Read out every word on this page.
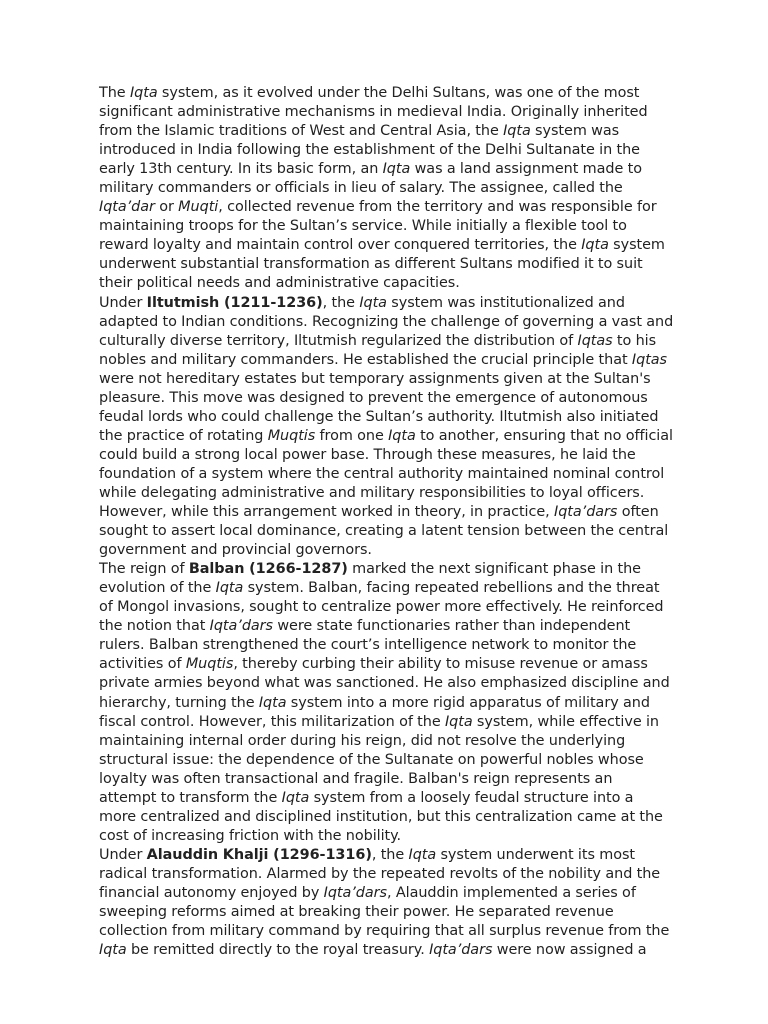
The Iqta system, as it evolved under the Delhi Sultans, was one of the most significant administrative mechanisms in medieval India. Originally inherited from the Islamic traditions of West and Central Asia, the Iqta system was introduced in India following the establishment of the Delhi Sultanate in the early 13th century. In its basic form, an Iqta was a land assignment made to military commanders or officials in lieu of salary. The assignee, called the Iqta’dar or Muqti, collected revenue from the territory and was responsible for maintaining troops for the Sultan’s service. While initially a flexible tool to reward loyalty and maintain control over conquered territories, the Iqta system underwent substantial transformation as different Sultans modified it to suit their political needs and administrative capacities.

Under Iltutmish (1211-1236), the Iqta system was institutionalized and adapted to Indian conditions. Recognizing the challenge of governing a vast and culturally diverse territory, Iltutmish regularized the distribution of Iqtas to his nobles and military commanders. He established the crucial principle that Iqtas were not hereditary estates but temporary assignments given at the Sultan's pleasure. This move was designed to prevent the emergence of autonomous feudal lords who could challenge the Sultan’s authority. Iltutmish also initiated the practice of rotating Muqtis from one Iqta to another, ensuring that no official could build a strong local power base. Through these measures, he laid the foundation of a system where the central authority maintained nominal control while delegating administrative and military responsibilities to loyal officers. However, while this arrangement worked in theory, in practice, Iqta’dars often sought to assert local dominance, creating a latent tension between the central government and provincial governors.

The reign of Balban (1266-1287) marked the next significant phase in the evolution of the Iqta system. Balban, facing repeated rebellions and the threat of Mongol invasions, sought to centralize power more effectively. He reinforced the notion that Iqta’dars were state functionaries rather than independent rulers. Balban strengthened the court’s intelligence network to monitor the activities of Muqtis, thereby curbing their ability to misuse revenue or amass private armies beyond what was sanctioned. He also emphasized discipline and hierarchy, turning the Iqta system into a more rigid apparatus of military and fiscal control. However, this militarization of the Iqta system, while effective in maintaining internal order during his reign, did not resolve the underlying structural issue: the dependence of the Sultanate on powerful nobles whose loyalty was often transactional and fragile. Balban's reign represents an attempt to transform the Iqta system from a loosely feudal structure into a more centralized and disciplined institution, but this centralization came at the cost of increasing friction with the nobility.

Under Alauddin Khalji (1296-1316), the Iqta system underwent its most radical transformation. Alarmed by the repeated revolts of the nobility and the financial autonomy enjoyed by Iqta’dars, Alauddin implemented a series of sweeping reforms aimed at breaking their power. He separated revenue collection from military command by requiring that all surplus revenue from the Iqta be remitted directly to the royal treasury. Iqta’dars were now assigned a
